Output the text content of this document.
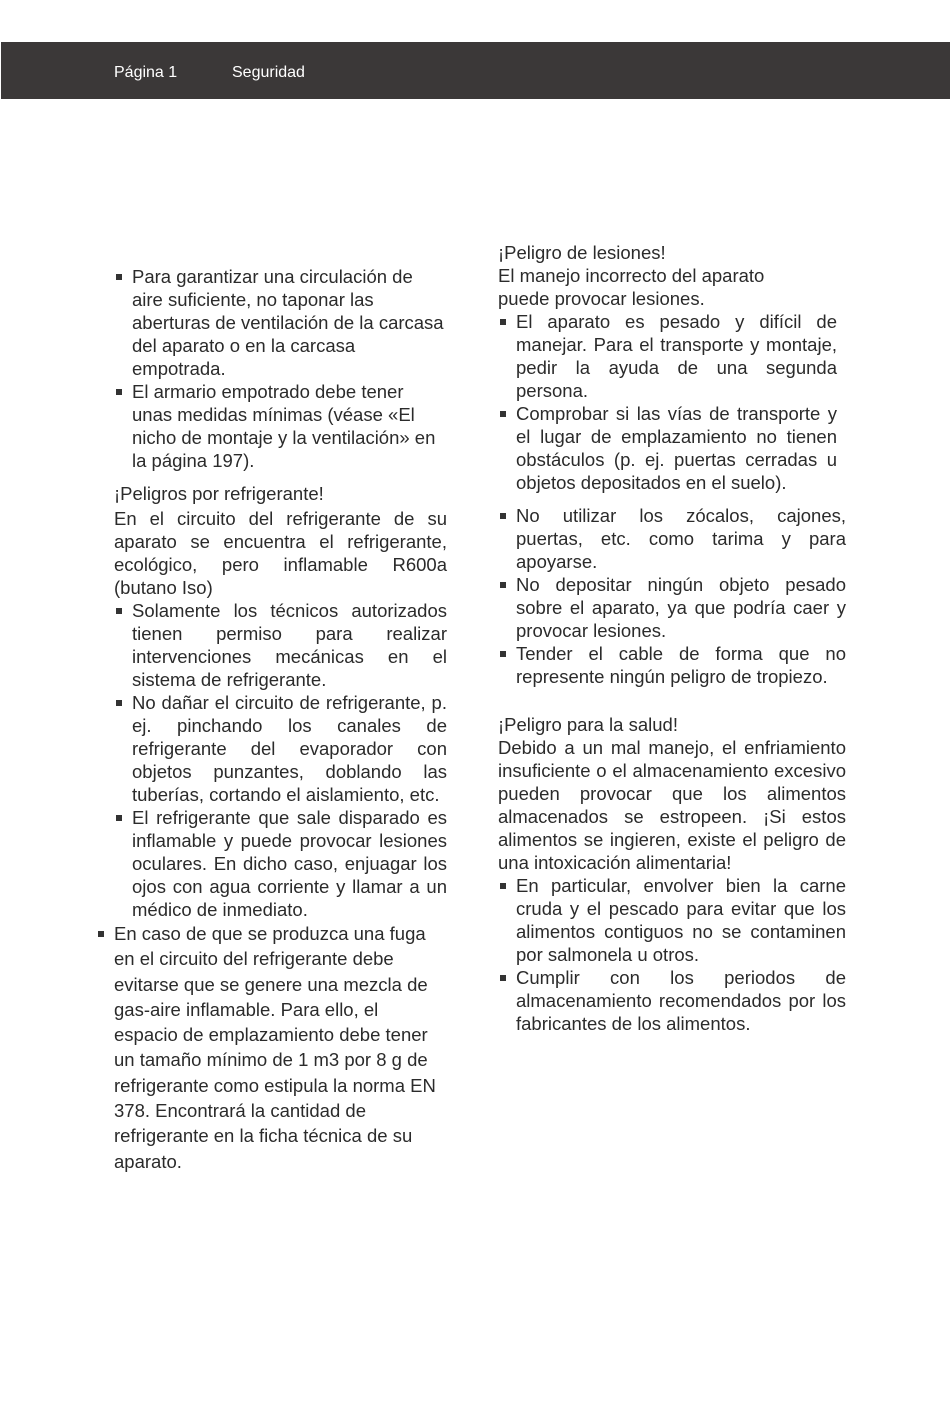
Página 1	Seguridad
Para garantizar una circulación de aire suficiente, no taponar las aberturas de ventilación de la carcasa del aparato o en la carcasa empotrada.
El armario empotrado debe tener unas medidas mínimas (véase «El nicho de montaje y la ventilación» en la página 197).

¡Peligros por refrigerante!

En el circuito del refrigerante de su aparato se encuentra el refrigerante, ecológico, pero inflamable R600a (butano Iso)

Solamente los técnicos autorizados tienen permiso para realizar intervenciones mecánicas en el sistema de refrigerante.
No dañar el circuito de refrigerante, p. ej. pinchando los canales de refrigerante del evaporador con objetos punzantes, doblando las tuberías, cortando el aislamiento, etc.
El refrigerante que sale disparado es inflamable y puede provocar lesiones oculares. En dicho caso, enjuagar los ojos con agua corriente y llamar a un médico de inmediato.
En caso de que se produzca una fuga en el circuito del refrigerante debe evitarse que se genere una mezcla de gas-aire inflamable. Para ello, el espacio de emplazamiento debe tener un tamaño mínimo de 1 m3 por 8 g de refrigerante como estipula la norma EN 378. Encontrará la cantidad de refrigerante en la ficha técnica de su aparato.

¡Peligro de lesiones!

El manejo incorrecto del aparato puede provocar lesiones.

El aparato es pesado y difícil de manejar. Para el transporte y montaje, pedir la ayuda de una segunda persona.
Comprobar si las vías de transporte y el lugar de emplazamiento no tienen obstáculos (p. ej. puertas cerradas u objetos depositados en el suelo).
No utilizar los zócalos, cajones, puertas, etc. como tarima y para apoyarse.
No depositar ningún objeto pesado sobre el aparato, ya que podría caer y provocar lesiones.
Tender el cable de forma que no represente ningún peligro de tropiezo.

¡Peligro para la salud!

Debido a un mal manejo, el enfriamiento insuficiente o el almacenamiento excesivo pueden provocar que los alimentos almacenados se estropeen. ¡Si estos alimentos se ingieren, existe el peligro de una intoxicación alimentaria!

En particular, envolver bien la carne cruda y el pescado para evitar que los alimentos contiguos no se contaminen por salmonela u otros.
Cumplir con los periodos de almacenamiento recomendados por los fabricantes de los alimentos.
